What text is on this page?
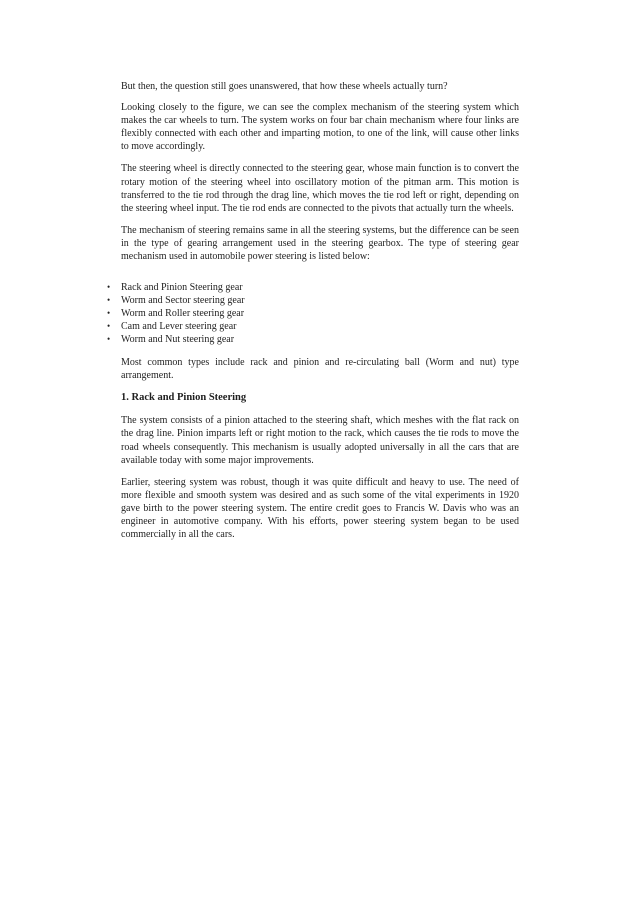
But then, the question still goes unanswered, that how these wheels actually turn?

Looking closely to the figure, we can see the complex mechanism of the steering system which makes the car wheels to turn. The system works on four bar chain mechanism where four links are flexibly connected with each other and imparting motion, to one of the link, will cause other links to move accordingly.

The steering wheel is directly connected to the steering gear, whose main function is to convert the rotary motion of the steering wheel into oscillatory motion of the pitman arm. This motion is transferred to the tie rod through the drag line, which moves the tie rod left or right, depending on the steering wheel input. The tie rod ends are connected to the pivots that actually turn the wheels.

The mechanism of steering remains same in all the steering systems, but the difference can be seen in the type of gearing arrangement used in the steering gearbox. The type of steering gear mechanism used in automobile power steering is listed below:

• Rack and Pinion Steering gear
• Worm and Sector steering gear
• Worm and Roller steering gear
• Cam and Lever steering gear
• Worm and Nut steering gear

Most common types include rack and pinion and re-circulating ball (Worm and nut) type arrangement.

1. Rack and Pinion Steering

The system consists of a pinion attached to the steering shaft, which meshes with the flat rack on the drag line. Pinion imparts left or right motion to the rack, which causes the tie rods to move the road wheels consequently. This mechanism is usually adopted universally in all the cars that are available today with some major improvements.

Earlier, steering system was robust, though it was quite difficult and heavy to use. The need of more flexible and smooth system was desired and as such some of the vital experiments in 1920 gave birth to the power steering system. The entire credit goes to Francis W. Davis who was an engineer in automotive company. With his efforts, power steering system began to be used commercially in all the cars.
